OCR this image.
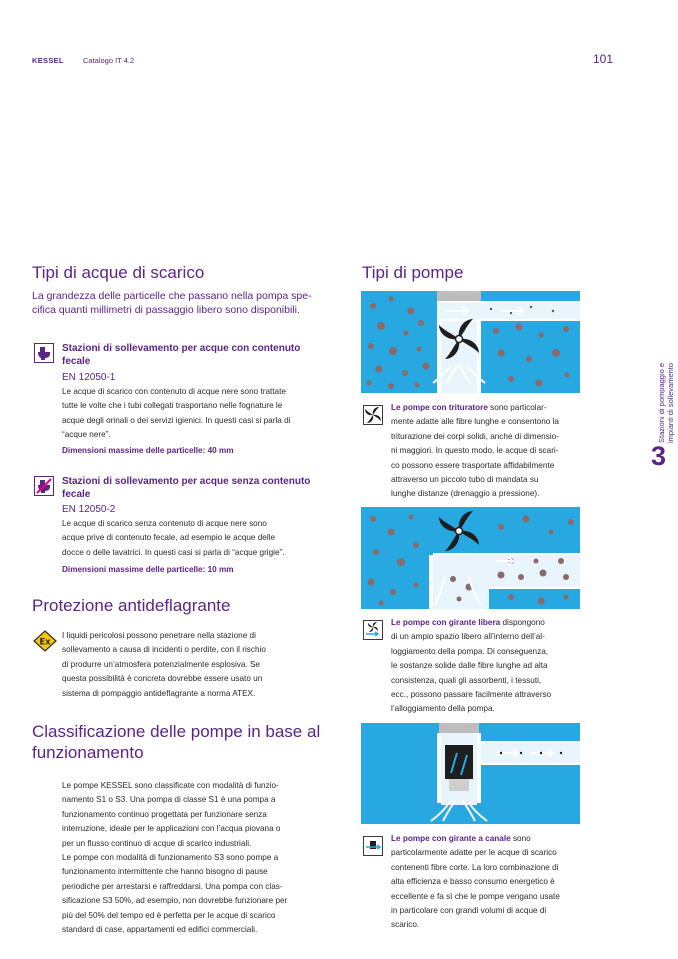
KESSEL	Catalogo IT 4.2	101
Stazioni di pompaggio e impianti di sollevamento
3
Tipi di acque di scarico
La grandezza delle particelle che passano nella pompa spe-
cifica quanti millimetri di passaggio libero sono disponibili.
Stazioni di sollevamento per acque con contenuto
fecale
EN 12050-1
Le acque di scarico con contenuto di acque nere sono trattate
tutte le volte che i tubi collegati trasportano nelle fognature le
acque degli orinali o dei servizi igienici. In questi casi si parla di
“acque nere”.
Dimensioni massime delle particelle: 40 mm
Stazioni di sollevamento per acque senza contenuto
fecale
EN 12050-2
Le acque di scarico senza contenuto di acque nere sono
acque prive di contenuto fecale, ad esempio le acque delle
docce o delle lavatrici. In questi casi si parla di “acque grigie”.
Dimensioni massime delle particelle: 10 mm
Protezione antideflagrante
Ex
I liquidi pericolosi possono penetrare nella stazione di
sollevamento a causa di incidenti o perdite, con il rischio
di produrre un’atmosfera potenzialmente esplosiva. Se
questa possibilità è concreta dovrebbe essere usato un
sistema di pompaggio antideflagrante a norma ATEX.
Classificazione delle pompe in base al
funzionamento
Le pompe KESSEL sono classificate con modalità di funzio-
namento S1 o S3. Una pompa di classe S1 è una pompa a
funzionamento continuo progettata per funzionare senza
interruzione, ideale per le applicazioni con l’acqua piovana o
per un flusso continuo di acque di scarico industriali.
Le pompe con modalità di funzionamento S3 sono pompe a
funzionamento intermittente che hanno bisogno di pause
periodiche per arrestarsi e raffreddarsi. Una pompa con clas-
sificazione S3 50%, ad esempio, non dovrebbe funzionare per
più del 50% del tempo ed è perfetta per le acque di scarico
standard di case, appartamenti ed edifici commerciali.
Tipi di pompe
Le pompe con trituratore sono particolar-
mente adatte alle fibre lunghe e consentono la
triturazione dei corpi solidi, anche di dimensio-
ni maggiori. In questo modo, le acque di scari-
co possono essere trasportate affidabilmente
attraverso un piccolo tubo di mandata su
lunghe distanze (drenaggio a pressione).
Le pompe con girante libera dispongono
di un ampio spazio libero all’interno dell’al-
loggiamento della pompa. Di conseguenza,
le sostanze solide dalle fibre lunghe ad alta
consistenza, quali gli assorbenti, i tessuti,
ecc., possono passare facilmente attraverso
l’alloggiamento della pompa.
Le pompe con girante a canale sono
particolarmente adatte per le acque di scarico
contenenti fibre corte. La loro combinazione di
alta efficienza e basso consumo energetico è
eccellente e fa sì che le pompe vengano usate
in particolare con grandi volumi di acque di
scarico.
